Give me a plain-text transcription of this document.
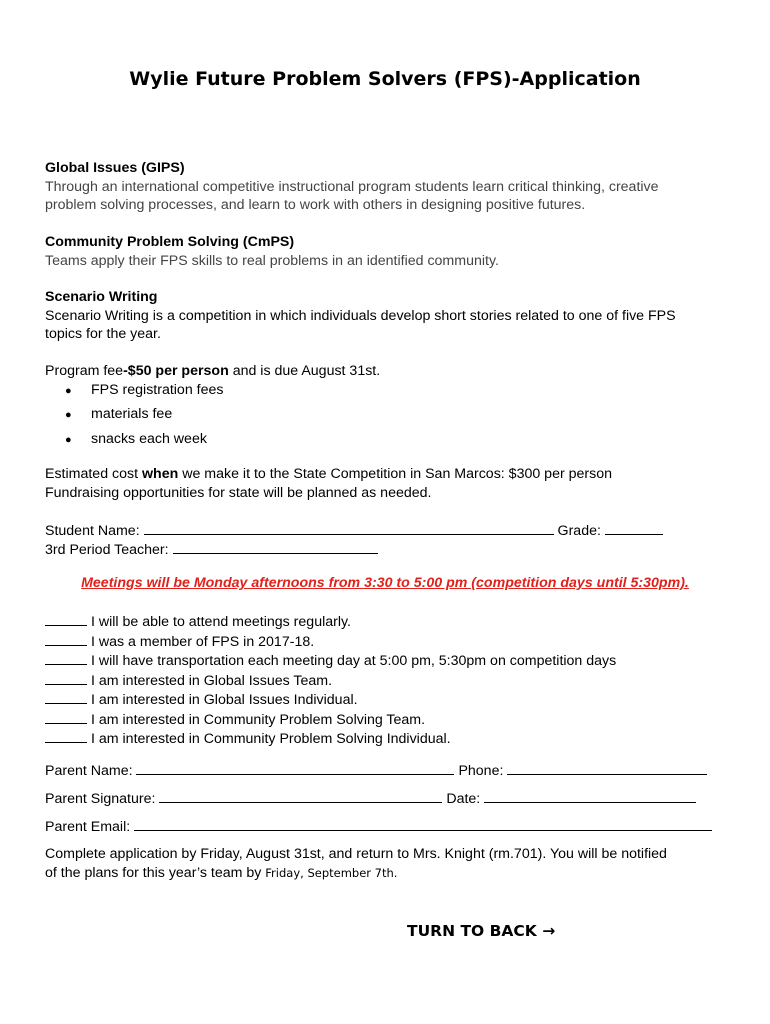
Wylie Future Problem Solvers (FPS)-Application
Global Issues (GIPS)
Through an international competitive instructional program students learn critical thinking, creative
problem solving processes, and learn to work with others in designing positive futures.
Community Problem Solving (CmPS)
Teams apply their FPS skills to real problems in an identified community.
Scenario Writing
Scenario Writing is a competition in which individuals develop short stories related to one of five FPS
topics for the year.
Program fee-$50 per person and is due August 31st.
● FPS registration fees
● materials fee
● snacks each week
Estimated cost when we make it to the State Competition in San Marcos: $300 per person
Fundraising opportunities for state will be planned as needed.
Student Name:	Grade:
3rd Period Teacher:
Meetings will be Monday afternoons from 3:30 to 5:00 pm (competition days until 5:30pm).
I will be able to attend meetings regularly.
I was a member of FPS in 2017-18.
I will have transportation each meeting day at 5:00 pm, 5:30pm on competition days
I am interested in Global Issues Team.
I am interested in Global Issues Individual.
I am interested in Community Problem Solving Team.
I am interested in Community Problem Solving Individual.
Parent Name:	Phone:
Parent Signature:	Date:
Parent Email:
Complete application by Friday, August 31st, and return to Mrs. Knight (rm.701). You will be notified
of the plans for this year’s team by Friday, September 7th.
TURN TO BACK →
